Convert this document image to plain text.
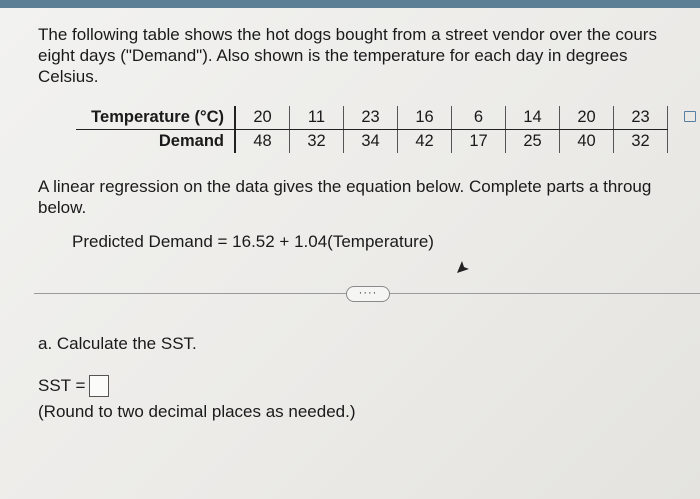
The following table shows the hot dogs bought from a street vendor over the cours
eight days ("Demand"). Also shown is the temperature for each day in degrees
Celsius.
Temperature (°C)	20	11	23	16	6	14	20	23
Demand	48	32	34	42	17	25	40	32
A linear regression on the data gives the equation below. Complete parts a throug
below.
Predicted Demand = 16.52 + 1.04(Temperature)
····
a. Calculate the SST.
SST =
(Round to two decimal places as needed.)
